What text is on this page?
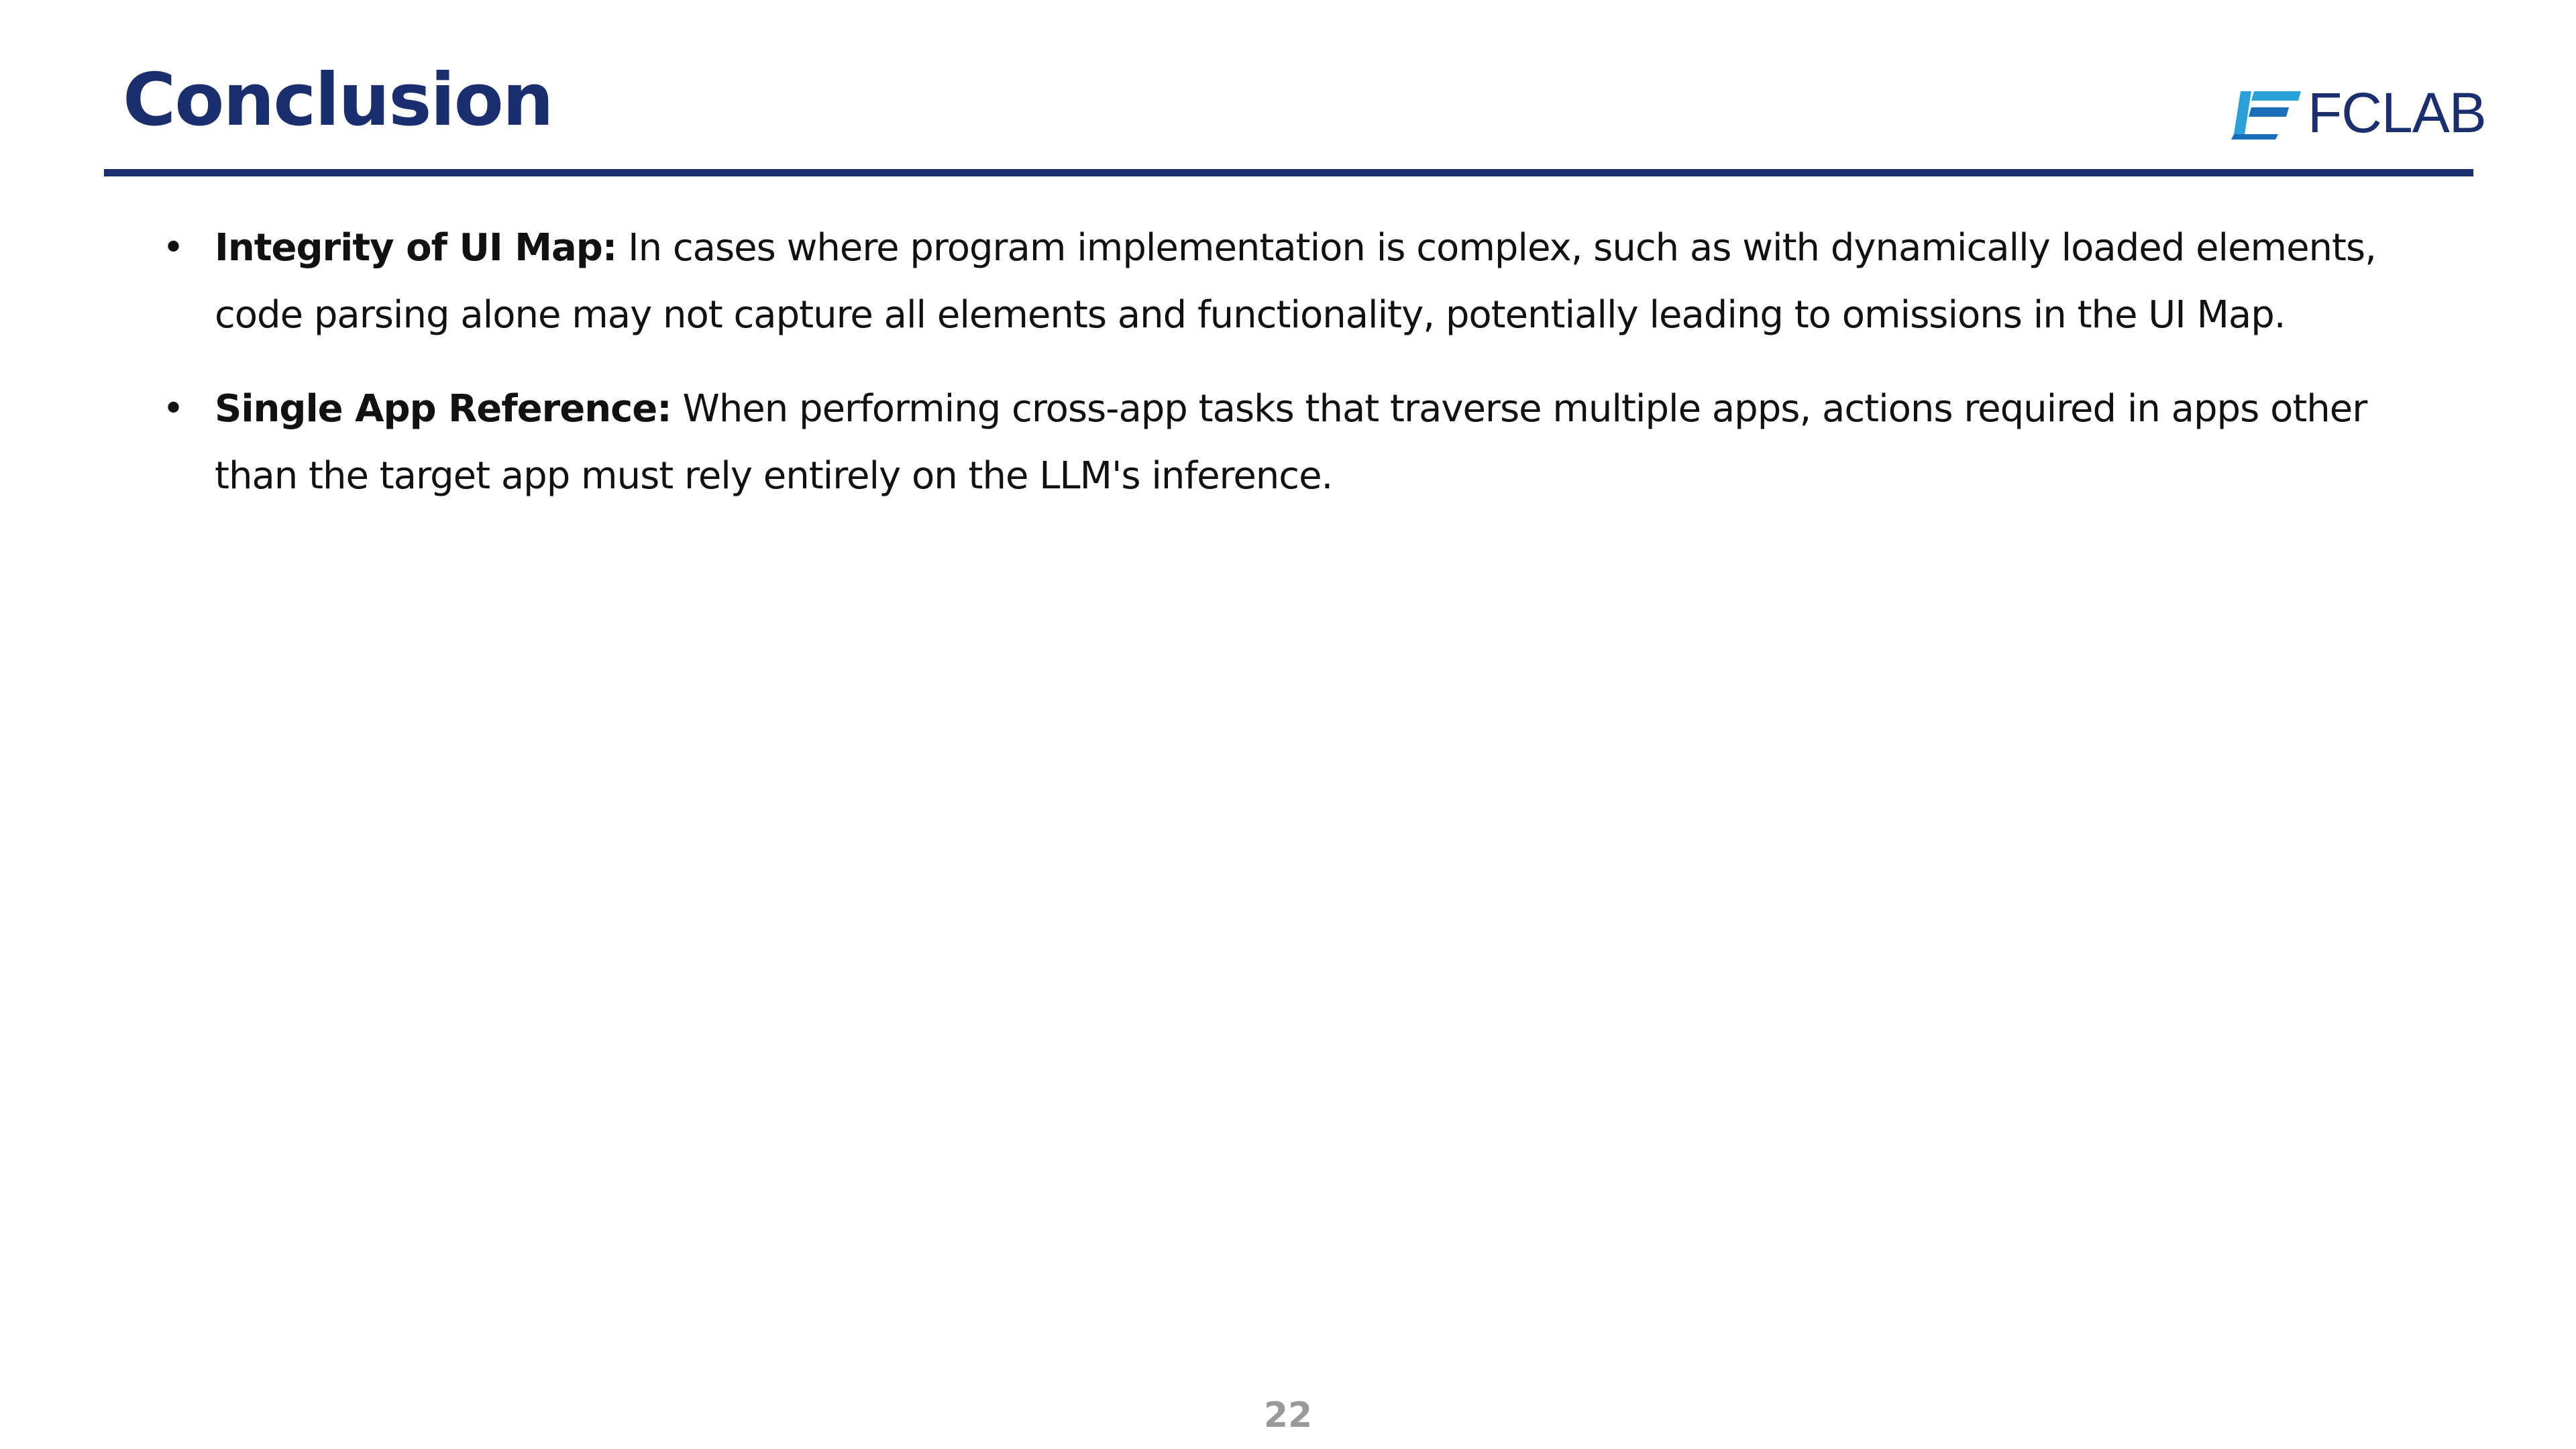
Conclusion	FCLAB
• Integrity of UI Map: In cases where program implementation is complex, such as with dynamically loaded elements, code parsing alone may not capture all elements and functionality, potentially leading to omissions in the UI Map.
• Single App Reference: When performing cross-app tasks that traverse multiple apps, actions required in apps other than the target app must rely entirely on the LLM's inference.
22
